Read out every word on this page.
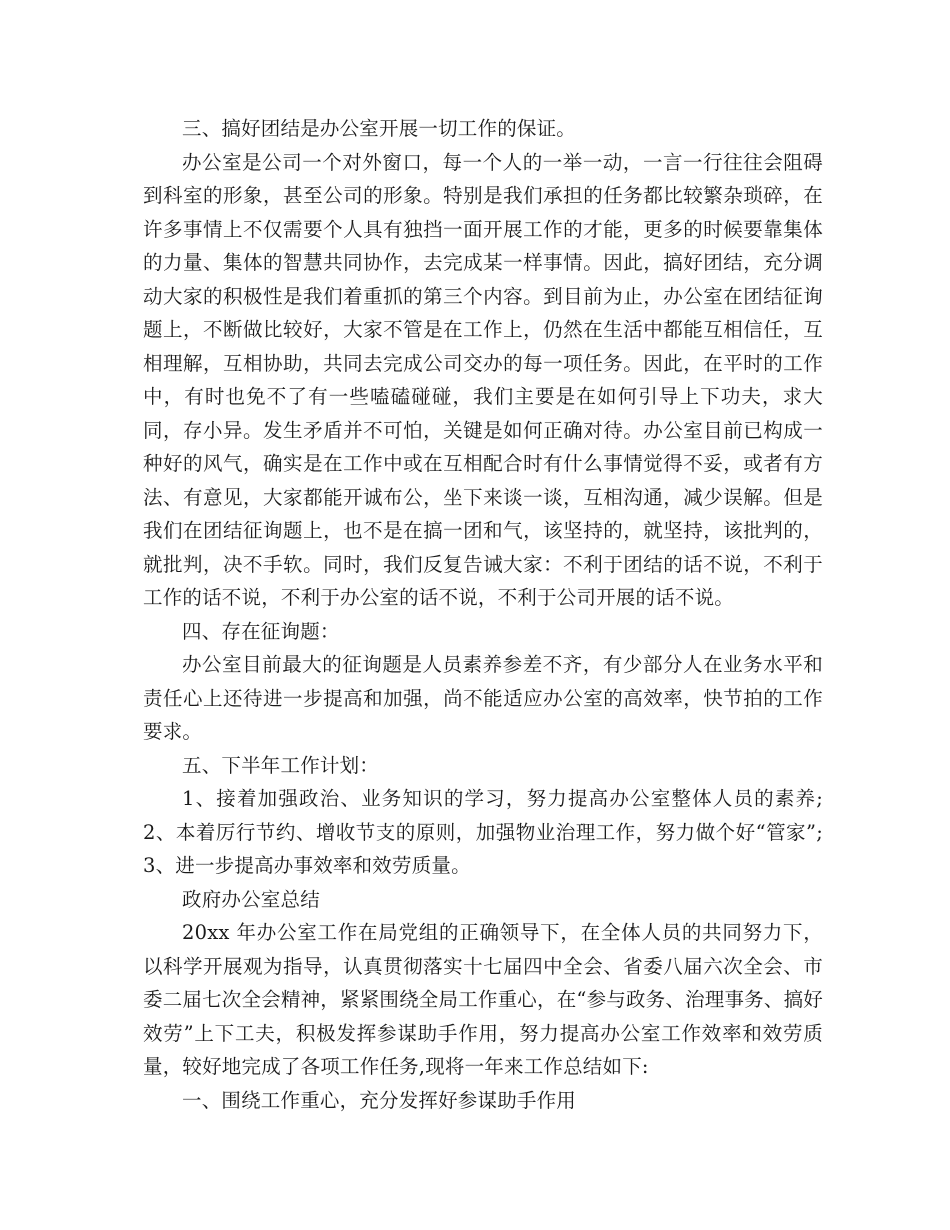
三、搞好团结是办公室开展一切工作的保证。

办公室是公司一个对外窗口，每一个人的一举一动，一言一行往往会阻碍到科室的形象，甚至公司的形象。特别是我们承担的任务都比较繁杂琐碎，在许多事情上不仅需要个人具有独挡一面开展工作的才能，更多的时候要靠集体的力量、集体的智慧共同协作，去完成某一样事情。因此，搞好团结，充分调动大家的积极性是我们着重抓的第三个内容。到目前为止，办公室在团结征询题上，不断做比较好，大家不管是在工作上，仍然在生活中都能互相信任，互相理解，互相协助，共同去完成公司交办的每一项任务。因此，在平时的工作中，有时也免不了有一些嗑磕碰碰，我们主要是在如何引导上下功夫，求大同，存小异。发生矛盾并不可怕，关键是如何正确对待。办公室目前已构成一种好的风气，确实是在工作中或在互相配合时有什么事情觉得不妥，或者有方法、有意见，大家都能开诚布公，坐下来谈一谈，互相沟通，减少误解。但是我们在团结征询题上，也不是在搞一团和气，该坚持的，就坚持，该批判的，就批判，决不手软。同时，我们反复告诫大家：不利于团结的话不说，不利于工作的话不说，不利于办公室的话不说，不利于公司开展的话不说。

四、存在征询题：

办公室目前最大的征询题是人员素养参差不齐，有少部分人在业务水平和责任心上还待进一步提高和加强，尚不能适应办公室的高效率，快节拍的工作要求。

五、下半年工作计划：

1、接着加强政治、业务知识的学习，努力提高办公室整体人员的素养;2、本着厉行节约、增收节支的原则，加强物业治理工作，努力做个好“管家”;3、进一步提高办事效率和效劳质量。

政府办公室总结

20xx 年办公室工作在局党组的正确领导下，在全体人员的共同努力下，以科学开展观为指导，认真贯彻落实十七届四中全会、省委八届六次全会、市委二届七次全会精神，紧紧围绕全局工作重心，在“参与政务、治理事务、搞好效劳”上下工夫，积极发挥参谋助手作用，努力提高办公室工作效率和效劳质量，较好地完成了各项工作任务,现将一年来工作总结如下:

一、围绕工作重心，充分发挥好参谋助手作用
